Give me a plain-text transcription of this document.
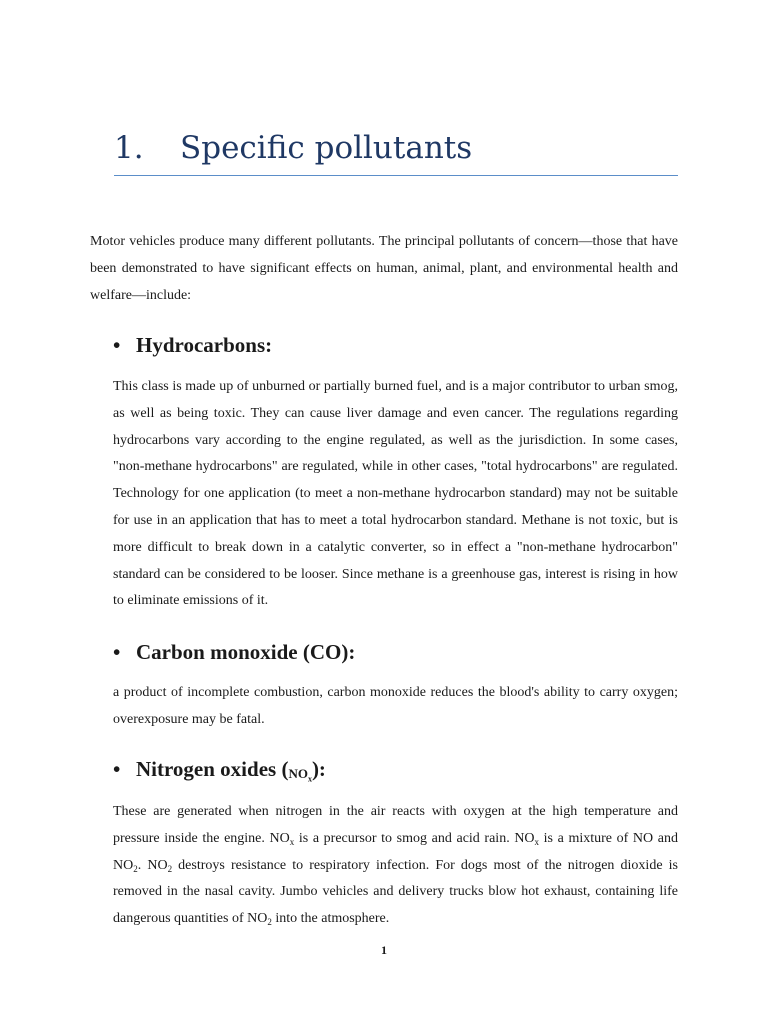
1. Specific pollutants

Motor vehicles produce many different pollutants. The principal pollutants of concern—those that have been demonstrated to have significant effects on human, animal, plant, and environmental health and welfare—include:

• Hydrocarbons:

This class is made up of unburned or partially burned fuel, and is a major contributor to urban smog, as well as being toxic. They can cause liver damage and even cancer. The regulations regarding hydrocarbons vary according to the engine regulated, as well as the jurisdiction. In some cases, "non-methane hydrocarbons" are regulated, while in other cases, "total hydrocarbons" are regulated. Technology for one application (to meet a non-methane hydrocarbon standard) may not be suitable for use in an application that has to meet a total hydrocarbon standard. Methane is not toxic, but is more difficult to break down in a catalytic converter, so in effect a "non-methane hydrocarbon" standard can be considered to be looser. Since methane is a greenhouse gas, interest is rising in how to eliminate emissions of it.

• Carbon monoxide (CO):

a product of incomplete combustion, carbon monoxide reduces the blood's ability to carry oxygen; overexposure may be fatal.

• Nitrogen oxides $(NO_x)$:

These are generated when nitrogen in the air reacts with oxygen at the high temperature and pressure inside the engine. $NO_x$ is a precursor to smog and acid rain. $NO_x$ is a mixture of NO and $NO_2$. $NO_2$ destroys resistance to respiratory infection. For dogs most of the nitrogen dioxide is removed in the nasal cavity. Jumbo vehicles and delivery trucks blow hot exhaust, containing life dangerous quantities of $NO_2$ into the atmosphere.

1
